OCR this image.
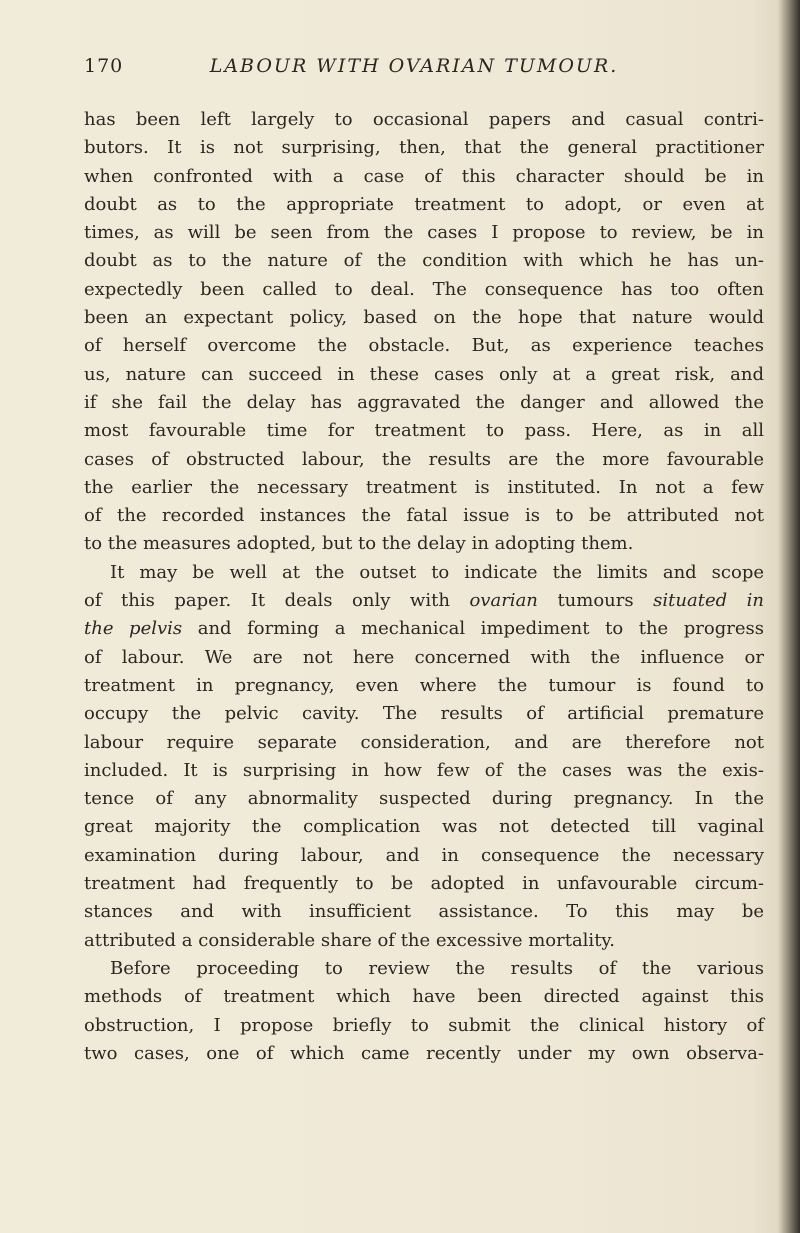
170	LABOUR WITH OVARIAN TUMOUR.
has been left largely to occasional papers and casual contri-
butors. It is not surprising, then, that the general practitioner
when confronted with a case of this character should be in
doubt as to the appropriate treatment to adopt, or even at
times, as will be seen from the cases I propose to review, be in
doubt as to the nature of the condition with which he has un-
expectedly been called to deal. The consequence has too often
been an expectant policy, based on the hope that nature would
of herself overcome the obstacle. But, as experience teaches
us, nature can succeed in these cases only at a great risk, and
if she fail the delay has aggravated the danger and allowed the
most favourable time for treatment to pass. Here, as in all
cases of obstructed labour, the results are the more favourable
the earlier the necessary treatment is instituted. In not a few
of the recorded instances the fatal issue is to be attributed not
to the measures adopted, but to the delay in adopting them.
It may be well at the outset to indicate the limits and scope
of this paper. It deals only with ovarian tumours situated in
the pelvis and forming a mechanical impediment to the progress
of labour. We are not here concerned with the influence or
treatment in pregnancy, even where the tumour is found to
occupy the pelvic cavity. The results of artificial premature
labour require separate consideration, and are therefore not
included. It is surprising in how few of the cases was the exis-
tence of any abnormality suspected during pregnancy. In the
great majority the complication was not detected till vaginal
examination during labour, and in consequence the necessary
treatment had frequently to be adopted in unfavourable circum-
stances and with insufficient assistance. To this may be
attributed a considerable share of the excessive mortality.
Before proceeding to review the results of the various
methods of treatment which have been directed against this
obstruction, I propose briefly to submit the clinical history of
two cases, one of which came recently under my own observa-
